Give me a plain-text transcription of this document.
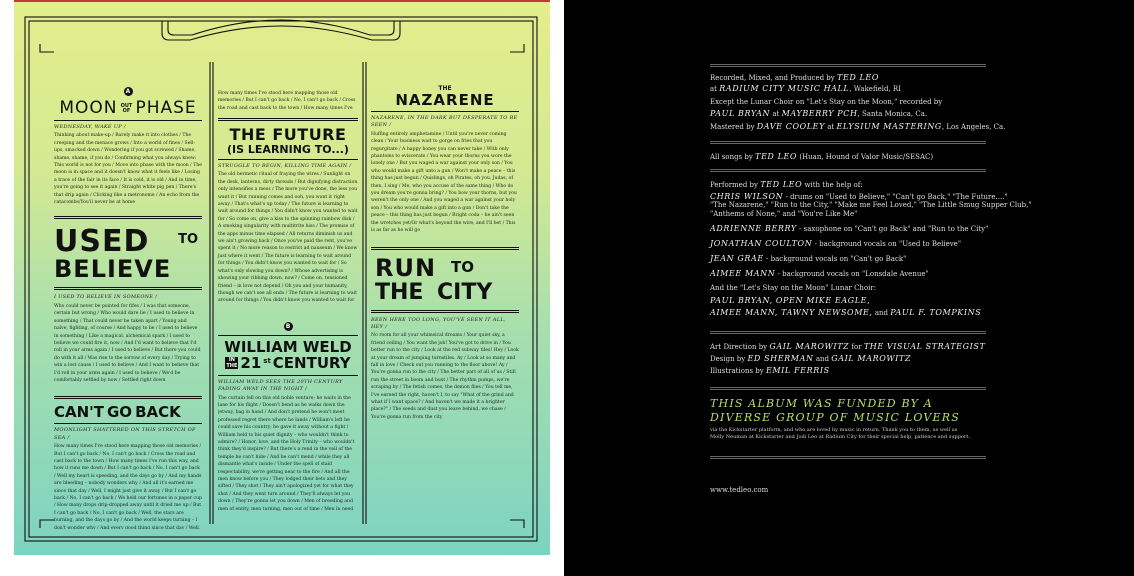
A
MOON OUT OF PHASE

WEDNESDAY, WAKE UP /

Thinking about make-up / Barely make it into clothes / The creeping and the menace grows / Into a world of fines / Sell-ups, smacked down / Wondering if you got screwed / Shame, shame, shame, if you do / Confirming what you always knew: This world is not for you / Move into phase with the moon / The moon is in space and it doesn't know what it feels like / Losing a trace of the fair in its face / It is cold, it is old / And in time, you're going to see it again / Straight white pig pen / There's that drip again / Clicking like a metronome / An echo from the catacombs/You'll never be at home

USED TO
BELIEVE

I USED TO BELIEVE IN SOMEONE /

Who could never be pointed for fifes / I was that someone, certain but wrong / Who would dare lie / I used to believe in something / That could never be taken apart / Young and naïve, fighting, of course / And happy to be / I used to believe in something / Like a magical, alchemical spark / I used to believe we could fire it, now / And I'd want to believe that I'd roll in your arms again / I used to believe / But there you could do with it all / Was rise to the sorrow of every day / Trying to win a lost cause / I used to believe / And I want to believe that I'd roll in your arms again / I used to believe / We'd be comfortably settled by now / Settled right down

CAN'T GO BACK

MOONLIGHT SHATTERED ON THIS STRETCH OF SEA /

How many times I've stood here mapping those old memories / But I can't go back / No, I can't go back / Cross the road and cast back to the town / How many times I've run this way, and how it runs me down / But I can't go back / No, I can't go back / Well my heart is speeding, and the days go by / And my hands are bleeding – nobody wonders why / And all it's earned me since that day / Well, I might just give it away / But I can't go back / No, I can't go back / We held our fortunes in a paper cup / How many drops drip-dropped away until it dried me up / But I can't go back / No, I can't go back / Well, the stars are burning, and the days go by / And the world keeps turning – I don't wonder why / And every good thing since that day / Well,

How many times I've stood here mapping those old memories / But I can't go back / No, I can't go back / Cross the road and cast back to the town / How many times I've

THE FUTURE
(IS LEARNING TO...)

STRUGGLE TO BEGIN, KILLING TIME AGAIN /

The old hermetic ritual of fraying the wires / Sunlight on the desk, lanterns, dirty threads / But dignifying distraction only intensifies a mess / The more you've done, the less you want it / But running comes and ooh, you want it right away / That's what's up today / The future is learning to wait around for things / You didn't know you wanted to wait for / So come on, give a kiss to the spinning rainbow disk / A smoking singularity with multitrite hiss / The promise of the apps minus time elapsed / All returns diminish us and we ain't growing back / Once you've paid the rent, you've spent it / No more reason to restrict ad nauseum / We know just where it went / The future is learning to wait around for things / You didn't know you wanted to wait for / So what's only slowing you down? / Whose advertising is showing your ribbing down, now? / Come on, tensioned friend – in love not depend / Oh you and your humanity, though we can't see all ends / The future is learning to wait around for things / You didn't know you wanted to wait for

B
WILLIAM WELD
IN
THE 21 st CENTURY

WILLIAM WELD SEES THE 20TH CENTURY FADING AWAY IN THE NIGHT /

The curtain fell on this old noble venture; he waits in the lane for his flight / Doesn't bend as he walks down the jetway, bag in hand / And don't pretend he won't meet professed regret there where he lands / William's left he could save his country; he gave it away without a fight / William held to his quiet dignity – who wouldn't think to admire? / Honor, love, and the Holy Trinity – who wouldn't think they'd inspire? / But there's a rend in the veil of the temple he can't hide / And he can't mend / while they all dismantle what's inside / Under the spell of staid respectability, we're getting near to the fire / And all the men know before you / They lodged their bets and they sifted / They shot / They ain't apologized yet for what they shot / And they went turn around / They'll always let you down / They're gonna let you down / Men of breeding and men of entity, men turning, men out of time / Men in need

THE
NAZARENE

NAZARENE, IN THE DARK BUT DESPERATE TO BE SEEN /

Huffing entirely amphetamine / Until you're never coming clean / Your business wait to gorge on fries that you regurgitate / A happy honey you can never take / With only phantoms to eviscerate / You wear your thorns you wore the lonely one / But you waged a war against your only son / You who would make a gift unto a gun / Won't make a peace – this thing has just begun / Quislings, oh Pirates, oh you, Judas, of then, I sing / Me, who you accuse of the same thing / Who do you dream you're gonna bring? / You bow your thorns, but you weren't the only one / And you waged a war against your holy son / You who would make a gift into a gun / Don't take the peace – this thing has just begun / Bright coda – he ain't seen the wretches yet/Or what's beyond the wire, and I'll bet / This is as far as he will go

RUN TO
THE CITY

BEEN HERE TOO LONG, YOU'VE SEEN IT ALL, HEY /

No room for all your whimsical dreams / Your quiet sky, a friend ceiling / You want the job! You've got to drive in / You better run to the city / Look at the red subway tiles! Hey / Look at your dream of jumping turnstiles. Ay / Look at so many and fall in love / Check out you running to the floor above! Ay / You're gonna run to the city / The better part of all of us / Still run the street in boom and bust / The rhythm pumps, we're scraping by / The fetish comes, the demon flies / You tell me, I've earned the right, haven't I, to say "What of the grind and what if I want space? / And haven't we made it a brighter place?" / The seeds and dust you leave behind, we chase / You're gonna run from the city

Recorded, Mixed, and Produced by TED LEO
at RADIUM CITY MUSIC HALL, Wakefield, RI
Except the Lunar Choir on "Let's Stay on the Moon," recorded by
PAUL BRYAN at MAYBERRY PCH, Santa Monica, Ca.
Mastered by DAVE COOLEY at ELYSIUM MASTERING, Los Angeles, Ca.
All songs by TED LEO (Huan, Hound of Valor Music/SESAC)
Performed by TED LEO with the help of:
CHRIS WILSON - drums on "Used to Believe," "Can't go Back," "The Future...."
"The Nazarene," "Run to the City," "Make me Feel Loved," "The Little Smug Supper Club,"
"Anthems of None," and "You're Like Me"
ADRIENNE BERRY - saxophone on "Can't go Back" and "Run to the City"
JONATHAN COULTON - background vocals on "Used to Believe"
JEAN GRAE - background vocals on "Can't go Back"
AIMEE MANN - background vocals on "Lonsdale Avenue"
And the "Let's Stay on the Moon" Lunar Choir:
PAUL BRYAN, OPEN MIKE EAGLE,
AIMEE MANN, TAWNY NEWSOME, and PAUL F. TOMPKINS
Art Direction by GAIL MAROWITZ for THE VISUAL STRATEGIST
Design by ED SHERMAN and GAIL MAROWITZ
Illustrations by EMIL FERRIS
THIS ALBUM WAS FUNDED BY A
DIVERSE GROUP OF MUSIC LOVERS
via the Kickstarter platform, and who are loved by music in return. Thank you to them, as well as
Molly Neuman at Kickstarter and Jodi Leo at Radium City for their special help, patience and support.
www.tedleo.com
